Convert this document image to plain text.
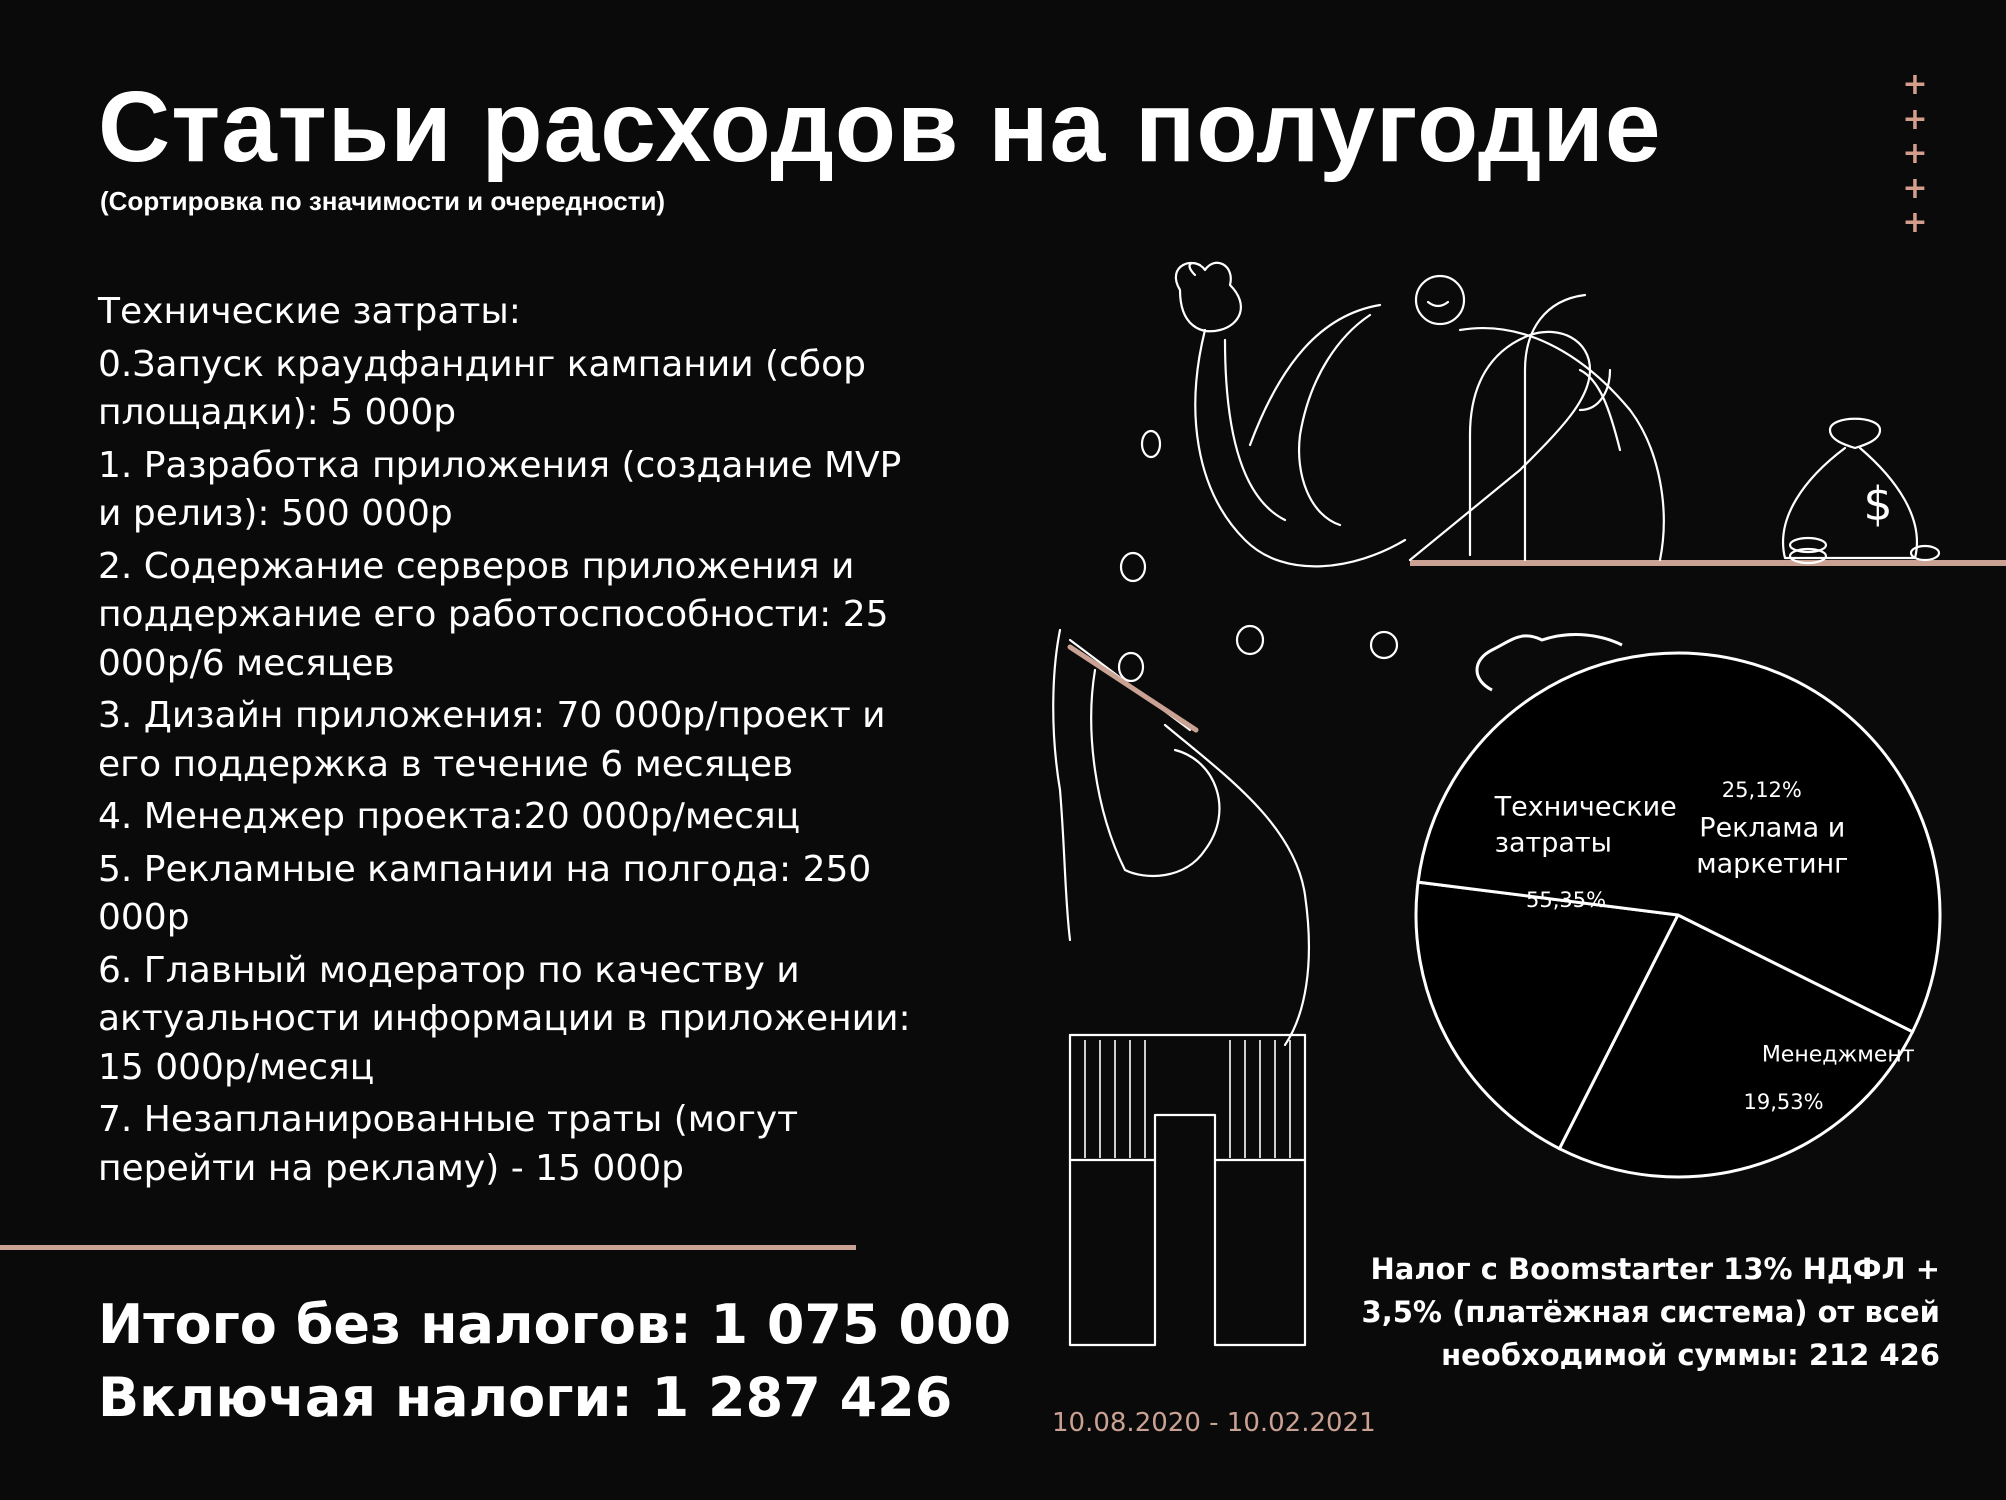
Статьи расходов на полугодие
(Сортировка по значимости и очередности)
+
+
+
+
+

Технические затраты:

0.Запуск краудфандинг кампании (сбор площадки): 5 000р

1. Разработка приложения (создание MVP и релиз): 500 000р

2. Содержание серверов приложения и поддержание его работоспособности: 25 000р/6 месяцев

3. Дизайн приложения: 70 000р/проект и его поддержка в течение 6 месяцев

4. Менеджер проекта:20 000р/месяц

5. Рекламные кампании на полгода: 250 000р

6. Главный модератор по качеству и актуальности информации в приложении: 15 000р/месяц

7. Незапланированные траты (могут перейти на рекламу) - 15 000р

Итого без налогов: 1 075 000
Включая налоги: 1 287 426
Налог с Boomstarter 13% НДФЛ + 3,5% (платёжная система) от всей необходимой суммы: 212 426
10.08.2020 - 10.02.2021
$
Технические
затраты
55,35%
Реклама и
маркетинг
25,12%
Менеджмент
19,53%
